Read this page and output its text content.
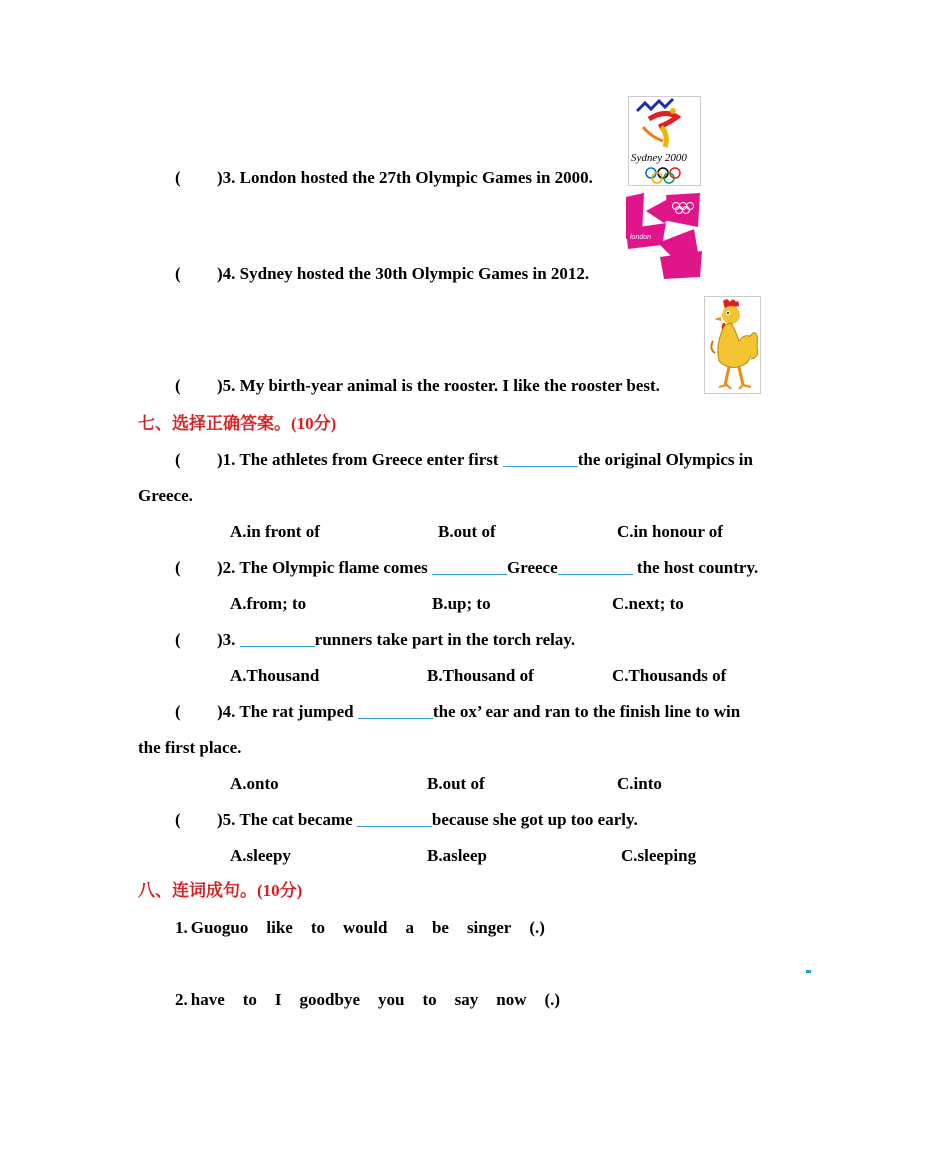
( )3. London hosted the 27th Olympic Games in 2000.
Sydney 2000
( )4. Sydney hosted the 30th Olympic Games in 2012.
london
( )5. My birth-year animal is the rooster. I like the rooster best.
七、选择正确答案。(10分)
( )1. The athletes from Greece enter first	the original Olympics in
Greece.
A.in front of	B.out of	C.in honour of
( )2. The Olympic flame comes	Greece	the host country.
A.from; to	B.up; to	C.next; to
( )3.	runners take part in the torch relay.
A.Thousand	B.Thousand of	C.Thousands of
( )4. The rat jumped	the ox’ ear and ran to the finish line to win
the first place.
A.onto	B.out of	C.into
( )5. The cat became	because she got up too early.
A.sleepy	B.asleep	C.sleeping
八、连词成句。(10分)
1. Guoguo like to would a be singer (.)
2. have to I goodbye you to say now (.)
